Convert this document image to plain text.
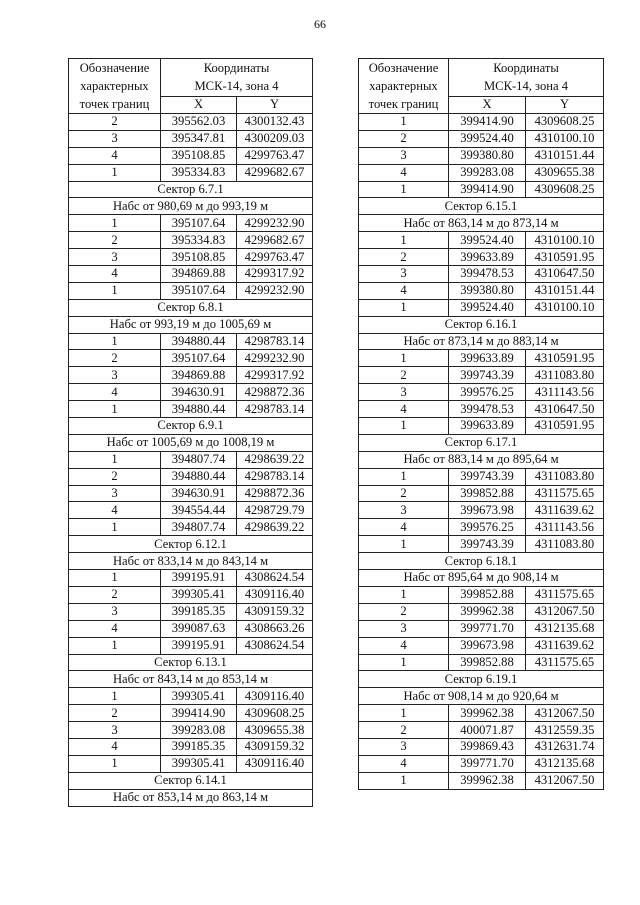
66
Обозначение
характерных
точек границ	Координаты
МСК-14, зона 4	

	X	Y
2	395562.03	4300132.43
3	395347.81	4300209.03
4	395108.85	4299763.47
1	395334.83	4299682.67
Сектор 6.7.1		
Набс от 980,69 м до 993,19 м		
1	395107.64	4299232.90
2	395334.83	4299682.67
3	395108.85	4299763.47
4	394869.88	4299317.92
1	395107.64	4299232.90
Сектор 6.8.1		
Набс от 993,19 м до 1005,69 м		
1	394880.44	4298783.14
2	395107.64	4299232.90
3	394869.88	4299317.92
4	394630.91	4298872.36
1	394880.44	4298783.14
Сектор 6.9.1		
Набс от 1005,69 м до 1008,19 м		
1	394807.74	4298639.22
2	394880.44	4298783.14
3	394630.91	4298872.36
4	394554.44	4298729.79
1	394807.74	4298639.22
Сектор 6.12.1		
Набс от 833,14 м до 843,14 м		
1	399195.91	4308624.54
2	399305.41	4309116.40
3	399185.35	4309159.32
4	399087.63	4308663.26
1	399195.91	4308624.54
Сектор 6.13.1		
Набс от 843,14 м до 853,14 м		
1	399305.41	4309116.40
2	399414.90	4309608.25
3	399283.08	4309655.38
4	399185.35	4309159.32
1	399305.41	4309116.40
Сектор 6.14.1		
Набс от 853,14 м до 863,14 м		
Обозначение
характерных
точек границ	Координаты
МСК-14, зона 4	

	X	Y
1	399414.90	4309608.25
2	399524.40	4310100.10
3	399380.80	4310151.44
4	399283.08	4309655.38
1	399414.90	4309608.25
Сектор 6.15.1		
Набс от 863,14 м до 873,14 м		
1	399524.40	4310100.10
2	399633.89	4310591.95
3	399478.53	4310647.50
4	399380.80	4310151.44
1	399524.40	4310100.10
Сектор 6.16.1		
Набс от 873,14 м до 883,14 м		
1	399633.89	4310591.95
2	399743.39	4311083.80
3	399576.25	4311143.56
4	399478.53	4310647.50
1	399633.89	4310591.95
Сектор 6.17.1		
Набс от 883,14 м до 895,64 м		
1	399743.39	4311083.80
2	399852.88	4311575.65
3	399673.98	4311639.62
4	399576.25	4311143.56
1	399743.39	4311083.80
Сектор 6.18.1		
Набс от 895,64 м до 908,14 м		
1	399852.88	4311575.65
2	399962.38	4312067.50
3	399771.70	4312135.68
4	399673.98	4311639.62
1	399852.88	4311575.65
Сектор 6.19.1		
Набс от 908,14 м до 920,64 м		
1	399962.38	4312067.50
2	400071.87	4312559.35
3	399869.43	4312631.74
4	399771.70	4312135.68
1	399962.38	4312067.50
